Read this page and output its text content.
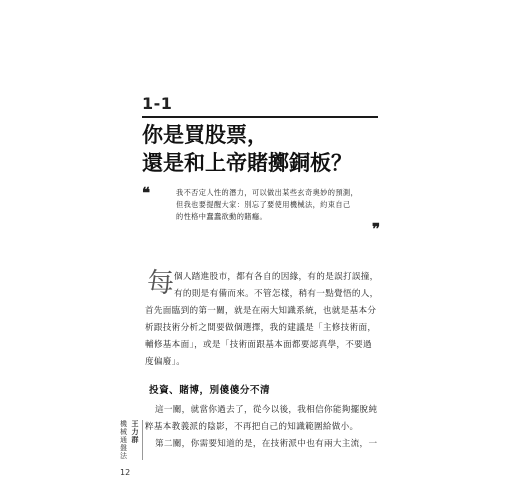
1-1
你是買股票，
還是和上帝賭擲銅板？
❝	我不否定人性的潛力，可以做出某些玄奇奧妙的預測，
但我也要提醒大家：別忘了要使用機械法，約束自己
的性格中蠢蠢欲動的賭癮。
❞
每 個人踏進股市，都有各自的因緣，有的是誤打誤撞，
有的則是有備而來。不管怎樣，稍有一點覺悟的人，
首先面臨到的第一關，就是在兩大知識系統，也就是基本分
析跟技術分析之間要做個選擇，我的建議是「主修技術面，
輔修基本面」，或是「技術面跟基本面都要認真學，不要過
度偏廢」。
投資、賭博，別傻傻分不清
這一關，就當你過去了，從今以後，我相信你能夠擺脫純
粹基本教義派的陰影，不再把自己的知識範圍給做小。
第二關，你需要知道的是，在技術派中也有兩大主流，一
王
力
群
機
械
通
盤
法
12
